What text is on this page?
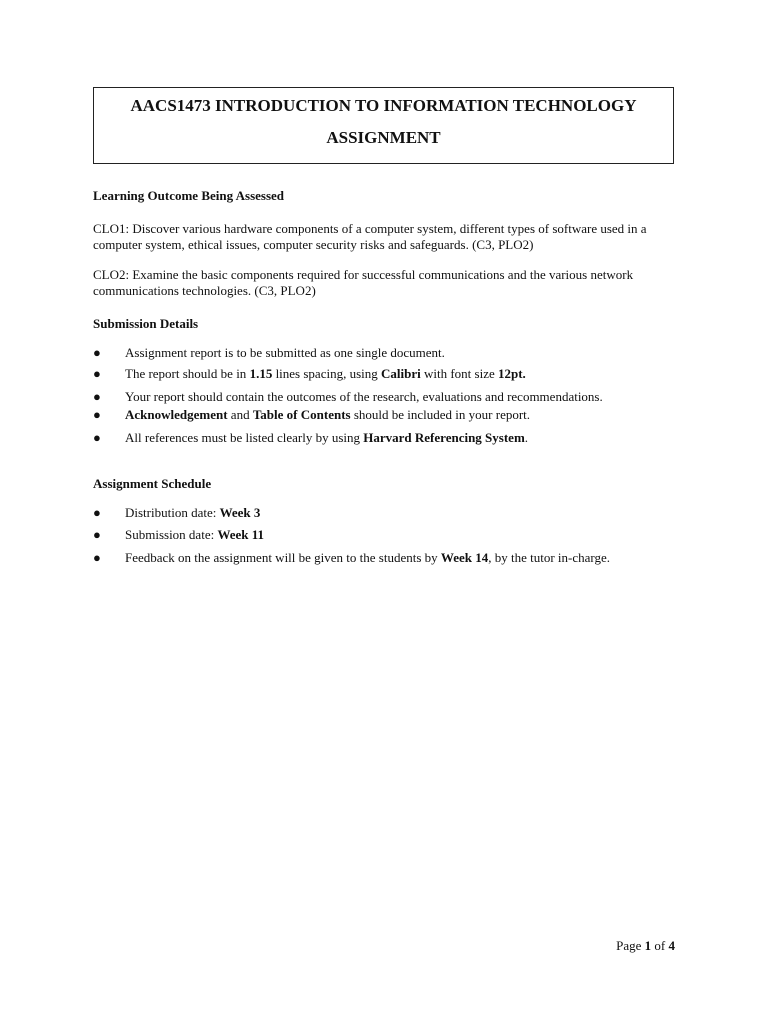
AACS1473 INTRODUCTION TO INFORMATION TECHNOLOGY
ASSIGNMENT
Learning Outcome Being Assessed
CLO1: Discover various hardware components of a computer system, different types of software used in a computer system, ethical issues, computer security risks and safeguards. (C3, PLO2)
CLO2: Examine the basic components required for successful communications and the various network communications technologies. (C3, PLO2)
Submission Details
● Assignment report is to be submitted as one single document.
● The report should be in 1.15 lines spacing, using Calibri with font size 12pt.
● Your report should contain the outcomes of the research, evaluations and recommendations.
● Acknowledgement and Table of Contents should be included in your report.
● All references must be listed clearly by using Harvard Referencing System.
Assignment Schedule
● Distribution date: Week 3
● Submission date: Week 11
● Feedback on the assignment will be given to the students by Week 14, by the tutor in-charge.
Page 1 of 4
